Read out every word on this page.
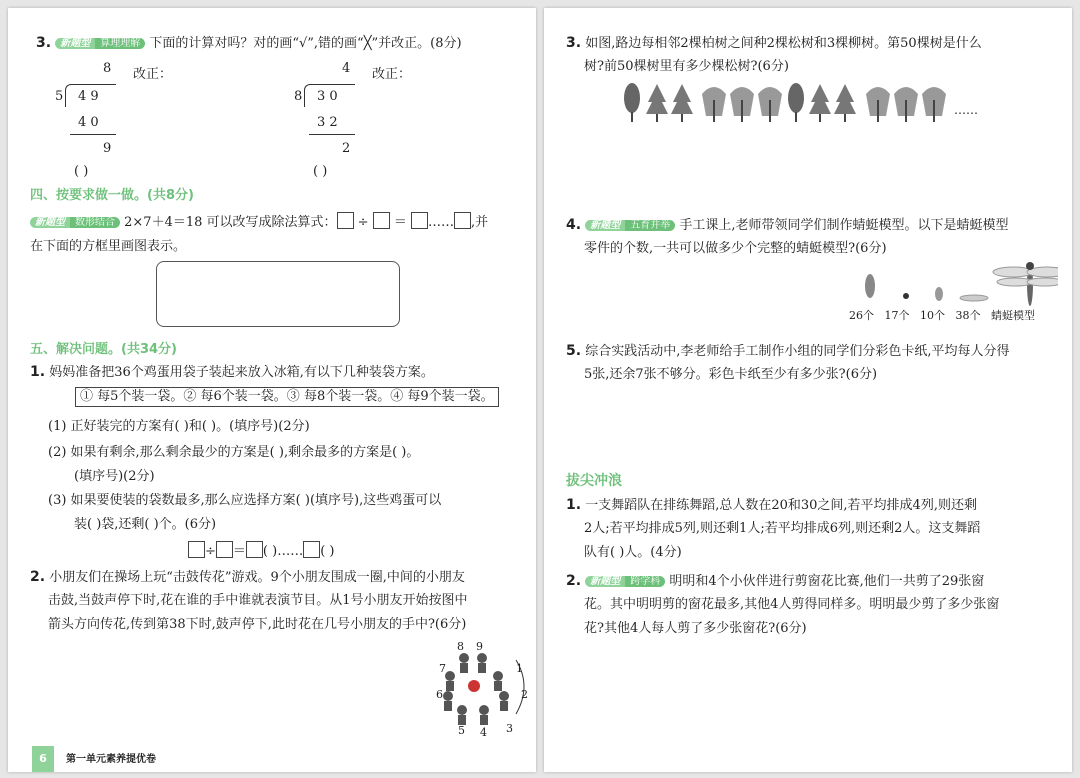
3. 新题型 算理理解 下面的计算对吗？对的画“√”,错的画“╳”并改正。(8分)
8
5 4 9
4 0
9
( )
改正：	4
8 3 0
3 2
2
( )
改正：
四、按要求做一做。(共8分)
新题型 数形结合 2×7＋4＝18 可以改写成除法算式： ÷ ＝ …… ,并
在下面的方框里画图表示。
五、解决问题。(共34分)
1. 妈妈准备把36个鸡蛋用袋子装起来放入冰箱,有以下几种装袋方案。
① 每5个装一袋。② 每6个装一袋。③ 每8个装一袋。④ 每9个装一袋。
(1) 正好装完的方案有( )和( )。(填序号)(2分)
(2) 如果有剩余,那么剩余最少的方案是( ),剩余最多的方案是( )。
(填序号)(2分)
(3) 如果要使装的袋数最多,那么应选择方案( )(填序号),这些鸡蛋可以
装( )袋,还剩( )个。(6分)
÷ ＝ ( )…… ( )
2. 小朋友们在操场上玩“击鼓传花”游戏。9个小朋友围成一圈,中间的小朋友
击鼓,当鼓声停下时,花在谁的手中谁就表演节目。从1号小朋友开始按图中
箭头方向传花,传到第38下时,鼓声停下,此时花在几号小朋友的手中?(6分)
8 9
7	1
6	2
5 4 3
6	第一单元素养提优卷
3. 如图,路边每相邻2棵柏树之间种2棵松树和3棵柳树。第50棵树是什么
树?前50棵树里有多少棵松树?(6分)
……
4. 新题型 五育并举 手工课上,老师带领同学们制作蜻蜓模型。以下是蜻蜓模型
零件的个数,一共可以做多少个完整的蜻蜓模型?(6分)
26个 17个 10个 38个 蜻蜓模型
5. 综合实践活动中,李老师给手工制作小组的同学们分彩色卡纸,平均每人分得
5张,还余7张不够分。彩色卡纸至少有多少张?(6分)
拔尖冲浪
1. 一支舞蹈队在排练舞蹈,总人数在20和30之间,若平均排成4列,则还剩
2人;若平均排成5列,则还剩1人;若平均排成6列,则还剩2人。这支舞蹈
队有( )人。(4分)
2. 新题型 跨学科 明明和4个小伙伴进行剪窗花比赛,他们一共剪了29张窗
花。其中明明剪的窗花最多,其他4人剪得同样多。明明最少剪了多少张窗
花?其他4人每人剪了多少张窗花?(6分)
